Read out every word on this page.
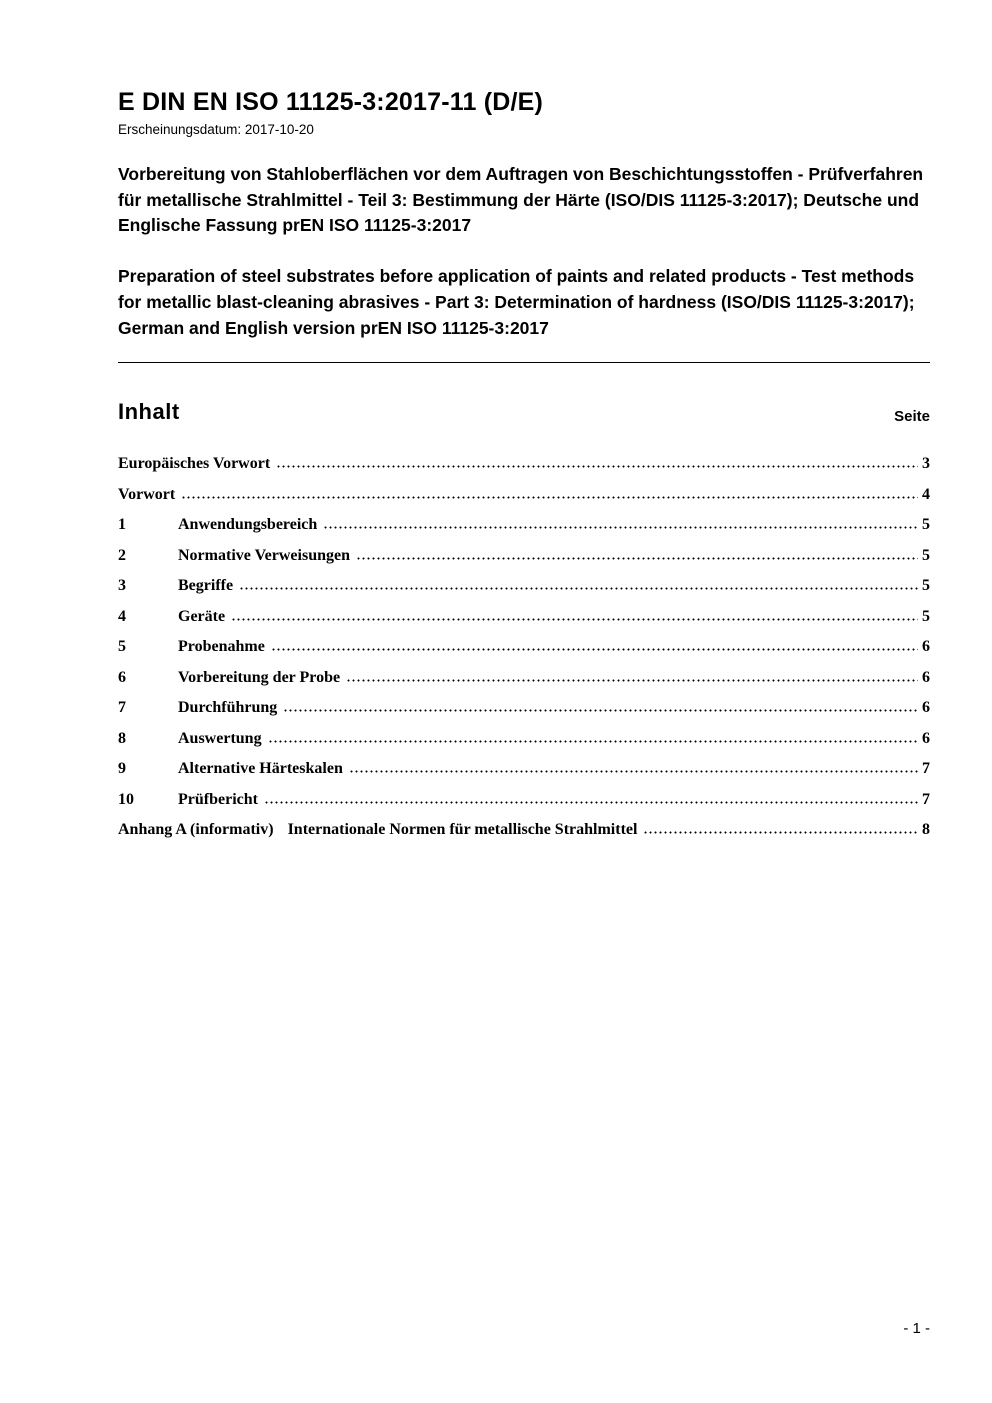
E DIN EN ISO 11125-3:2017-11 (D/E)
Erscheinungsdatum: 2017-10-20

Vorbereitung von Stahloberflächen vor dem Auftragen von Beschichtungsstoffen - Prüfverfahren für metallische Strahlmittel - Teil 3: Bestimmung der Härte (ISO/DIS 11125-3:2017); Deutsche und Englische Fassung prEN ISO 11125-3:2017

Preparation of steel substrates before application of paints and related products - Test methods for metallic blast-cleaning abrasives - Part 3: Determination of hardness (ISO/DIS 11125-3:2017); German and English version prEN ISO 11125-3:2017

Inhalt	Seite
Europäisches Vorwort	3
Vorwort	4
1	Anwendungsbereich	5
2	Normative Verweisungen	5
3	Begriffe	5
4	Geräte	5
5	Probenahme	6
6	Vorbereitung der Probe	6
7	Durchführung	6
8	Auswertung	6
9	Alternative Härteskalen	7
10	Prüfbericht	7
Anhang A (informativ) Internationale Normen für metallische Strahlmittel	8
- 1 -
